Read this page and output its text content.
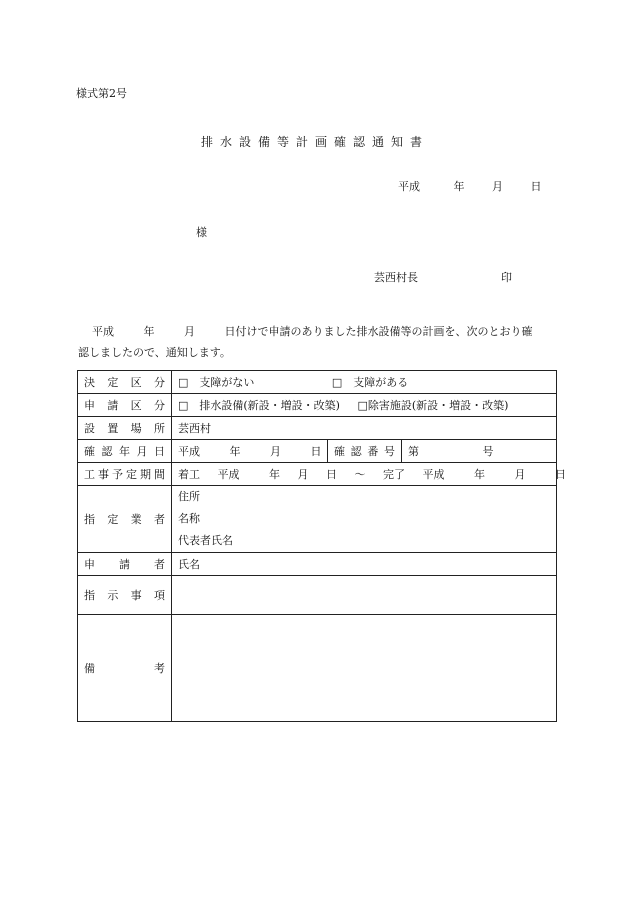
様式第2号
排水設備等計画確認通知書
平成	年	月	日
様
芸西村長	印
平成	年	月	日付けで申請のありました排水設備等の計画を、次のとおり確
認しましたので、通知します。
決定区分	□　支障がない □　支障がある		
申請区分	□　排水設備(新設・増設・改築) □除害施設(新設・増設・改築)		
設置場所	芸西村		
確認年月日	平成 年 月 日	確認番号	第 号
工事予定期間	着工 平成 年 月 日 〜 完了 平成 年 月 日		
指定業者	住所
名称
代表者氏名		

申請者	氏名		
指示事項			
備考			
